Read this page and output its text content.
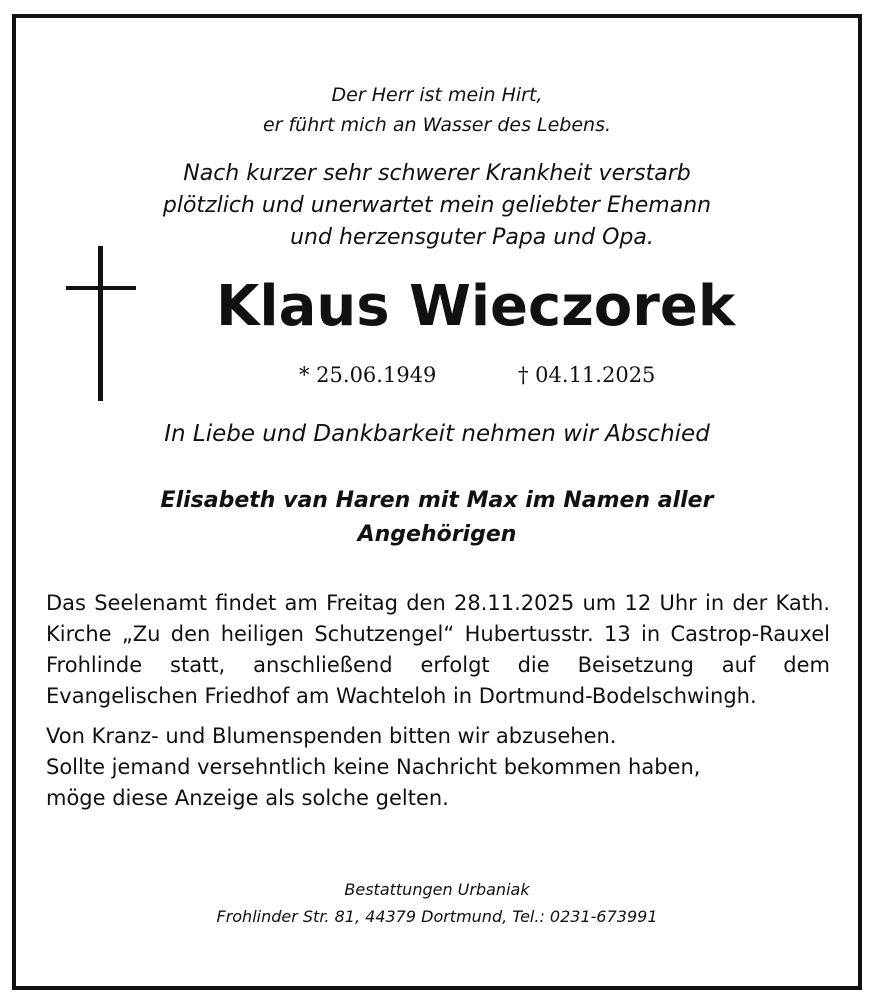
Der Herr ist mein Hirt,
er führt mich an Wasser des Lebens.
Nach kurzer sehr schwerer Krankheit verstarb
plötzlich und unerwartet mein geliebter Ehemann
und herzensguter Papa und Opa.
Klaus Wieczorek
* 25.06.1949	† 04.11.2025
In Liebe und Dankbarkeit nehmen wir Abschied
Elisabeth van Haren mit Max im Namen aller
Angehörigen

Das Seelenamt findet am Freitag den 28.11.2025 um 12 Uhr in der Kath. Kirche „Zu den heiligen Schutzengel“ Hubertusstr. 13 in Castrop-Rauxel Frohlinde statt, anschließend erfolgt die Beisetzung auf dem Evangelischen Friedhof am Wachteloh in Dortmund-Bodelschwingh.

Von Kranz- und Blumenspenden bitten wir abzusehen.
Sollte jemand versehntlich keine Nachricht bekommen haben,
möge diese Anzeige als solche gelten.

Bestattungen Urbaniak
Frohlinder Str. 81, 44379 Dortmund, Tel.: 0231-673991
